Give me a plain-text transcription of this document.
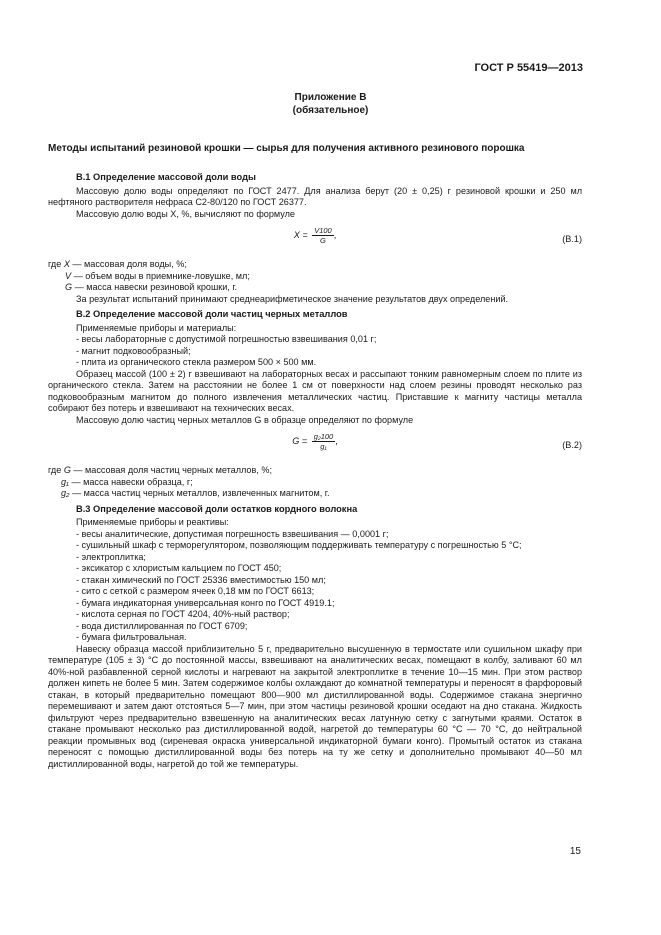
ГОСТ Р 55419—2013
Приложение В
(обязательное)
Методы испытаний резиновой крошки — сырья для получения активного резинового порошка
В.1 Определение массовой доли воды

Массовую долю воды определяют по ГОСТ 2477. Для анализа берут (20 ± 0,25) г резиновой крошки и 250 мл нефтяного растворителя нефраса С2-80/120 по ГОСТ 26377.

Массовую долю воды X, %, вычисляют по формуле

$X = \frac{V100}{G}$ ,	(В.1)

где X — массовая доля воды, %;

V — объем воды в приемнике-ловушке, мл;

G — масса навески резиновой крошки, г.

За результат испытаний принимают среднеарифметическое значение результатов двух определений.

В.2 Определение массовой доли частиц черных металлов

Применяемые приборы и материалы:

- весы лабораторные с допустимой погрешностью взвешивания 0,01 г;

- магнит подковообразный;

- плита из органического стекла размером 500 × 500 мм.

Образец массой (100 ± 2) г взвешивают на лабораторных весах и рассыпают тонким равномерным слоем по плите из органического стекла. Затем на расстоянии не более 1 см от поверхности над слоем резины проводят несколько раз подковообразным магнитом до полного извлечения металлических частиц. Приставшие к магниту частицы металла собирают без потерь и взвешивают на технических весах.

Массовую долю частиц черных металлов G в образце определяют по формуле

$G = \frac{\text{g₂100}}{\text{g₁}}$ ,	(В.2)

где G — массовая доля частиц черных металлов, %;

g₁ — масса навески образца, г;

g₂ — масса частиц черных металлов, извлеченных магнитом, г.

В.3 Определение массовой доли остатков кордного волокна

Применяемые приборы и реактивы:

- весы аналитические, допустимая погрешность взвешивания — 0,0001 г;

- сушильный шкаф с терморегулятором, позволяющим поддерживать температуру с погрешностью 5 °С;

- электроплитка;

- эксикатор с хлористым кальцием по ГОСТ 450;

- стакан химический по ГОСТ 25336 вместимостью 150 мл;

- сито с сеткой с размером ячеек 0,18 мм по ГОСТ 6613;

- бумага индикаторная универсальная конго по ГОСТ 4919.1;

- кислота серная по ГОСТ 4204, 40%-ный раствор;

- вода дистиллированная по ГОСТ 6709;

- бумага фильтровальная.

Навеску образца массой приблизительно 5 г, предварительно высушенную в термостате или сушильном шкафу при температуре (105 ± 3) °С до постоянной массы, взвешивают на аналитических весах, помещают в колбу, заливают 60 мл 40%-ной разбавленной серной кислоты и нагревают на закрытой электроплитке в течение 10—15 мин. При этом раствор должен кипеть не более 5 мин. Затем содержимое колбы охлаждают до комнатной температуры и переносят в фарфоровый стакан, в который предварительно помещают 800—900 мл дистиллированной воды. Содержимое стакана энергично перемешивают и затем дают отстояться 5—7 мин, при этом частицы резиновой крошки оседают на дно стакана. Жидкость фильтруют через предварительно взвешенную на аналитических весах латунную сетку с загнутыми краями. Остаток в стакане промывают несколько раз дистиллированной водой, нагретой до температуры 60 °С — 70 °С, до нейтральной реакции промывных вод (сиреневая окраска универсальной индикаторной бумаги конго). Промытый остаток из стакана переносят с помощью дистиллированной воды без потерь на ту же сетку и дополнительно промывают 40—50 мл дистиллированной воды, нагретой до той же температуры.

15
